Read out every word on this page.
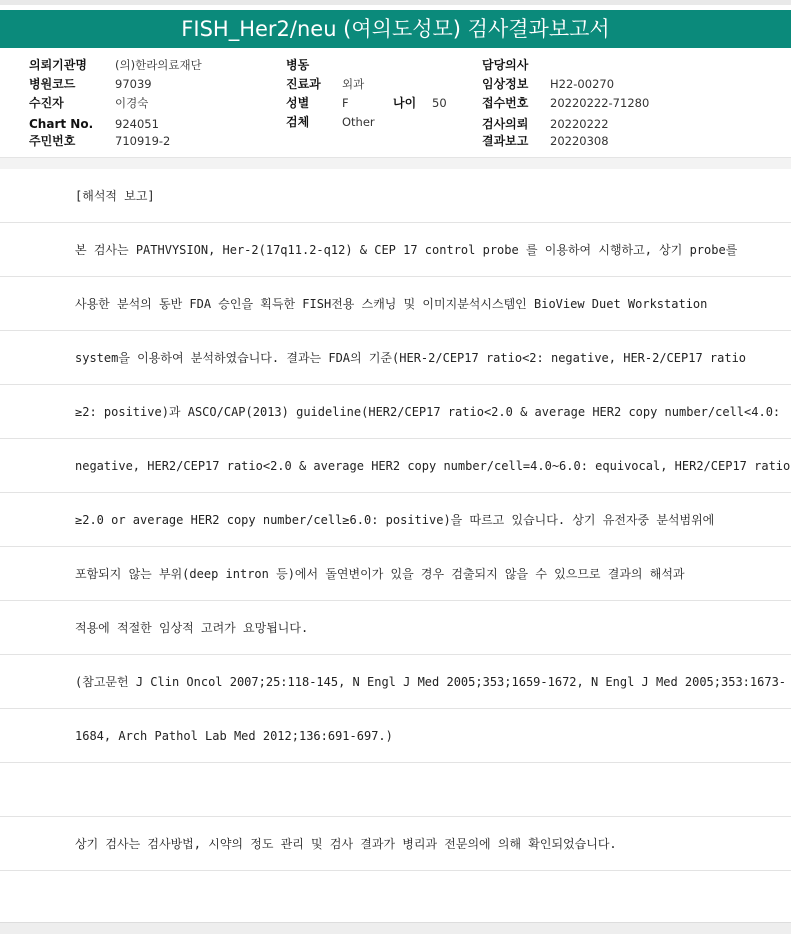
FISH_Her2/neu (여의도성모) 검사결과보고서
의뢰기관명 (의)한라의료재단
병원코드	97039
수진자	이경숙
Chart No. 924051
주민번호	710919-2
병동
진료과 외과
성별	F	나이 50
검체	Other
담당의사
임상정보 H22-00270
접수번호 20220222-71280
검사의뢰 20220222
결과보고 20220308
[해석적 보고]
본 검사는 PATHVYSION, Her-2(17q11.2-q12) & CEP 17 control probe 를 이용하여 시행하고, 상기 probe를
사용한 분석의 동반 FDA 승인을 획득한 FISH전용 스캐닝 및 이미지분석시스템인 BioView Duet Workstation
system을 이용하여 분석하였습니다. 결과는 FDA의 기준(HER-2/CEP17 ratio<2: negative, HER-2/CEP17 ratio
≥2: positive)과 ASCO/CAP(2013) guideline(HER2/CEP17 ratio<2.0 & average HER2 copy number/cell<4.0:
negative, HER2/CEP17 ratio<2.0 & average HER2 copy number/cell=4.0~6.0: equivocal, HER2/CEP17 ratio
≥2.0 or average HER2 copy number/cell≥6.0: positive)을 따르고 있습니다. 상기 유전자중 분석범위에
포함되지 않는 부위(deep intron 등)에서 돌연변이가 있을 경우 검출되지 않을 수 있으므로 결과의 해석과
적용에 적절한 임상적 고려가 요망됩니다.
(참고문헌 J Clin Oncol 2007;25:118-145, N Engl J Med 2005;353;1659-1672, N Engl J Med 2005;353:1673-
1684, Arch Pathol Lab Med 2012;136:691-697.)
상기 검사는 검사방법, 시약의 정도 관리 및 검사 결과가 병리과 전문의에 의해 확인되었습니다.
